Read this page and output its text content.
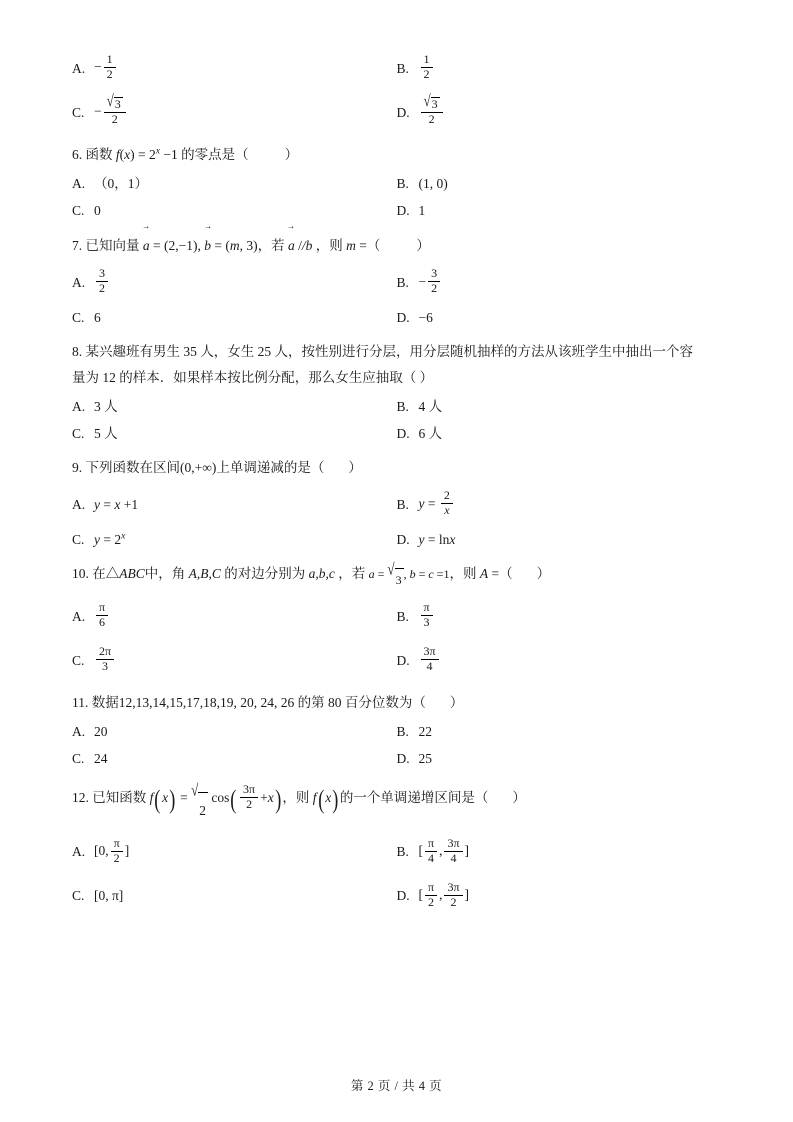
A. − $\frac{1}{2}$	B. $\frac{1}{2}$
C. − $\frac{√ 3}{2}$	D. $\frac{√ 3}{2}$
6. 函数 $f(x) = 2^x -1$ 的零点是（	）
A. （0，1）	B. (1, 0)
C. 0	D. 1
7. 已知向量 → a = (2,−1), → b = (m, 3)，若 → a //b ，则 m =（	）
A. $\frac{3}{2}$	B. − $\frac{3}{2}$
C. 6	D. −6
8. 某兴趣班有男生 35 人，女生 25 人，按性别进行分层，用分层随机抽样的方法从该班学生中抽出一个容
量为 12 的样本．如果样本按比例分配，那么女生应抽取（ ）
A. 3 人	B. 4 人
C. 5 人	D. 6 人
9. 下列函数在区间(0,+∞)上单调递减的是（ ）
A. y = x +1	B. $y = \frac{2}{x}$
C. $y = 2^x$	D. y = lnx
10. 在△ABC中，角 A,B,C 的对边分别为 a,b,c ，若 a = √
3 , b = c =1，则 A =（ ）
A. $\frac{\pi}{6}$	B. $\frac{\pi}{3}$
C. $\frac{2\pi}{3}$	D. $\frac{3\pi}{4}$
11. 数据12,13,14,15,17,18,19, 20, 24, 26 的第 80 百分位数为（ ）
A. 20	B. 22
C. 24	D. 25
12. 已知函数 f(x) = √
2
$\cos( \frac{3\pi}{2} +x)$，则 f(x)的一个单调递增区间是（ ）
A. [0, $\frac{\pi}{2}$ ]	B. [ $\frac{\pi}{4}$ , $\frac{3\pi}{4}$ ]
C. [0, π]	D. [ $\frac{\pi}{2}$ , $\frac{3\pi}{2}$ ]
第 2 页 / 共 4 页
